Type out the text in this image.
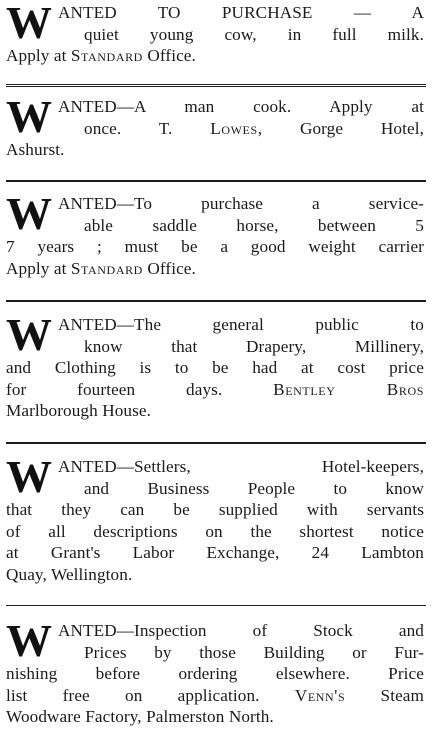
W ANTED TO PURCHASE — A
quiet young cow, in full milk.
Apply at Standard Office.
W ANTED—A man cook. Apply at
once. T. Lowes, Gorge Hotel,
Ashurst.
W ANTED—To purchase a service-
able saddle horse, between 5
7 years ; must be a good weight carrier
Apply at Standard Office.
W ANTED—The general public to
know that Drapery, Millinery,
and Clothing is to be had at cost price
for fourteen days.	Bentley Bros
Marlborough House.
W ANTED—Settlers, Hotel-keepers,
and Business People to know
that they can be supplied with servants
of all descriptions on the shortest notice
at Grant's Labor Exchange, 24 Lambton
Quay, Wellington.
W ANTED—Inspection of Stock and
Prices by those Building or Fur-
nishing before ordering elsewhere. Price
list free on application. Venn's Steam
Woodware Factory, Palmerston North.
